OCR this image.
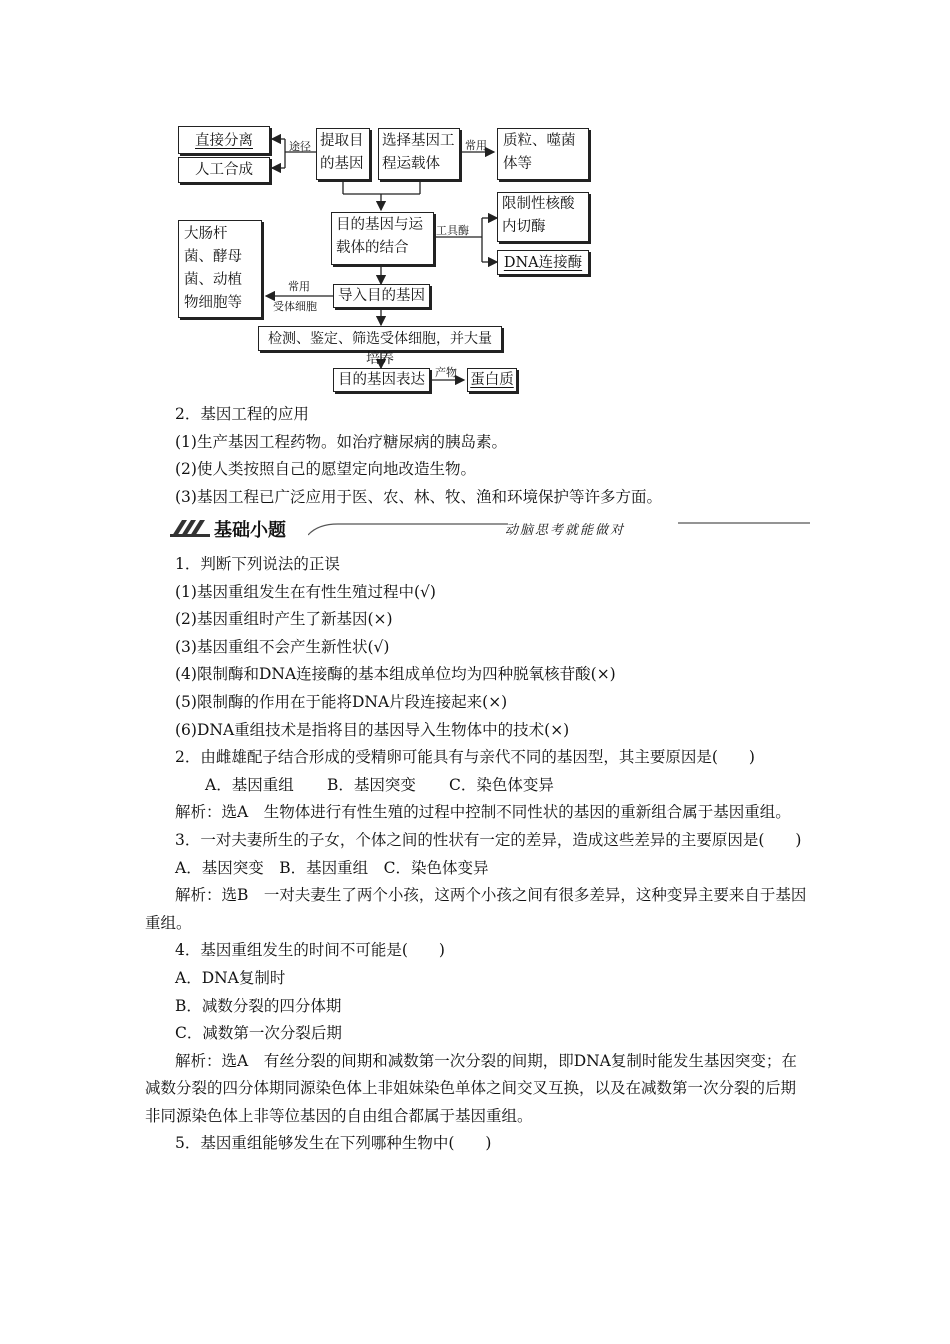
直接分离
人工合成
途径 提取目的基因
选择基因工程运载体
常用	质粒、噬菌体等
目的基因与运载体的结合
工具酶
限制性核酸内切酶
DNA连接酶
大肠杆菌、酵母菌、动植物细胞等
常用
受体细胞
导入目的基因
检测、鉴定、筛选受体细胞，并大量培养
目的基因表达 产物 蛋白质

2．基因工程的应用

(1)生产基因工程药物。如治疗糖尿病的胰岛素。

(2)使人类按照自己的愿望定向地改造生物。

(3)基因工程已广泛应用于医、农、林、牧、渔和环境保护等许多方面。

基础小题	动脑思考就能做对

1．判断下列说法的正误

(1)基因重组发生在有性生殖过程中(√)

(2)基因重组时产生了新基因(×)

(3)基因重组不会产生新性状(√)

(4)限制酶和DNA连接酶的基本组成单位均为四种脱氧核苷酸(×)

(5)限制酶的作用在于能将DNA片段连接起来(×)

(6)DNA重组技术是指将目的基因导入生物体中的技术(×)

2．由雌雄配子结合形成的受精卵可能具有与亲代不同的基因型，其主要原因是(　　)

A．基因重组 B．基因突变 C．染色体变异

解析：选A　生物体进行有性生殖的过程中控制不同性状的基因的重新组合属于基因重组。

3．一对夫妻所生的子女，个体之间的性状有一定的差异，造成这些差异的主要原因是(　　)

A．基因突变　B．基因重组　C．染色体变异

解析：选B　一对夫妻生了两个小孩，这两个小孩之间有很多差异，这种变异主要来自于基因重组。

4．基因重组发生的时间不可能是(　　)

A．DNA复制时

B．减数分裂的四分体期

C．减数第一次分裂后期

解析：选A　有丝分裂的间期和减数第一次分裂的间期，即DNA复制时能发生基因突变；在减数分裂的四分体期同源染色体上非姐妹染色单体之间交叉互换，以及在减数第一次分裂的后期非同源染色体上非等位基因的自由组合都属于基因重组。

5．基因重组能够发生在下列哪种生物中(　　)
